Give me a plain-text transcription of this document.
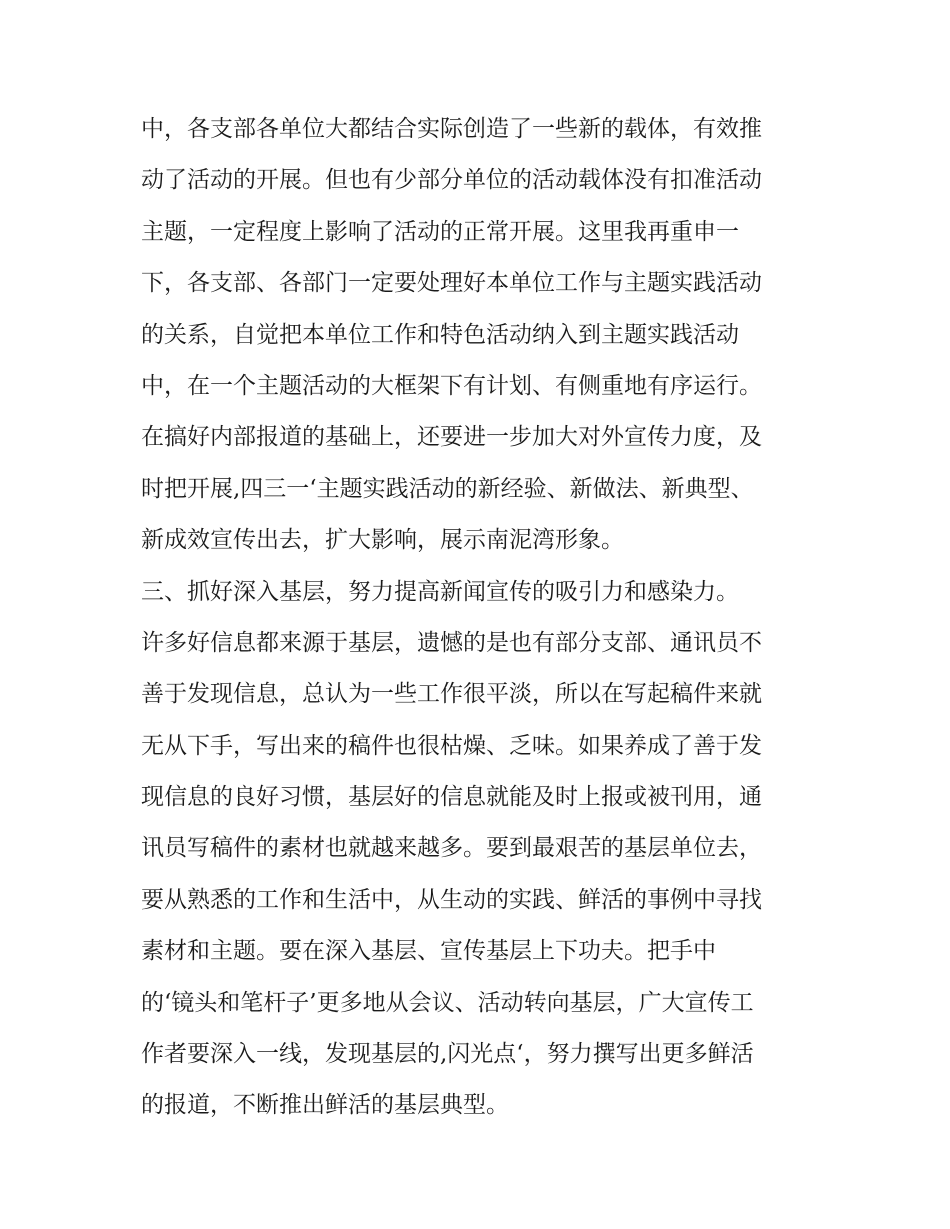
中，各支部各单位大都结合实际创造了一些新的载体，有效推
动了活动的开展。但也有少部分单位的活动载体没有扣准活动
主题，一定程度上影响了活动的正常开展。这里我再重申一
下，各支部、各部门一定要处理好本单位工作与主题实践活动
的关系，自觉把本单位工作和特色活动纳入到主题实践活动
中，在一个主题活动的大框架下有计划、有侧重地有序运行。
在搞好内部报道的基础上，还要进一步加大对外宣传力度，及
时把开展,四三一‘主题实践活动的新经验、新做法、新典型、
新成效宣传出去，扩大影响，展示南泥湾形象。
三、抓好深入基层，努力提高新闻宣传的吸引力和感染力。
许多好信息都来源于基层，遗憾的是也有部分支部、通讯员不
善于发现信息，总认为一些工作很平淡，所以在写起稿件来就
无从下手，写出来的稿件也很枯燥、乏味。如果养成了善于发
现信息的良好习惯，基层好的信息就能及时上报或被刊用，通
讯员写稿件的素材也就越来越多。要到最艰苦的基层单位去，
要从熟悉的工作和生活中，从生动的实践、鲜活的事例中寻找
素材和主题。要在深入基层、宣传基层上下功夫。把手中
的‘镜头和笔杆子’更多地从会议、活动转向基层，广大宣传工
作者要深入一线，发现基层的,闪光点‘，努力撰写出更多鲜活
的报道，不断推出鲜活的基层典型。
